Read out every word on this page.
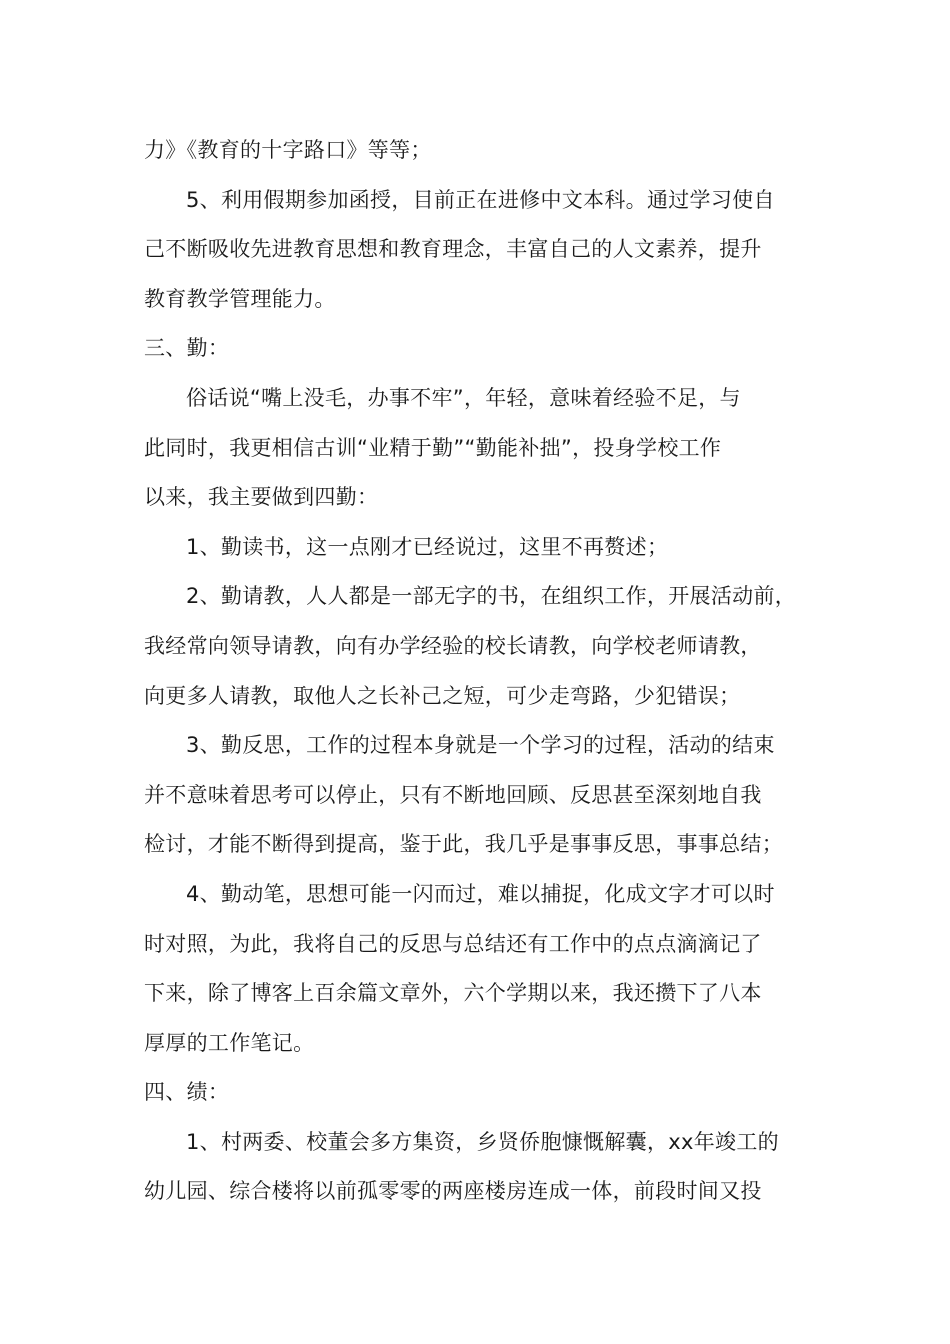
力》《教育的十字路口》等等；
5、利用假期参加函授，目前正在进修中文本科。通过学习使自
己不断吸收先进教育思想和教育理念，丰富自己的人文素养，提升
教育教学管理能力。
三、勤：
俗话说“嘴上没毛，办事不牢”，年轻，意味着经验不足，与
此同时，我更相信古训“业精于勤”“勤能补拙”，投身学校工作
以来，我主要做到四勤：
1、勤读书，这一点刚才已经说过，这里不再赘述；
2、勤请教，人人都是一部无字的书，在组织工作，开展活动前，
我经常向领导请教，向有办学经验的校长请教，向学校老师请教，
向更多人请教，取他人之长补己之短，可少走弯路，少犯错误；
3、勤反思，工作的过程本身就是一个学习的过程，活动的结束
并不意味着思考可以停止，只有不断地回顾、反思甚至深刻地自我
检讨，才能不断得到提高，鉴于此，我几乎是事事反思，事事总结；
4、勤动笔，思想可能一闪而过，难以捕捉，化成文字才可以时
时对照，为此，我将自己的反思与总结还有工作中的点点滴滴记了
下来，除了博客上百余篇文章外，六个学期以来，我还攒下了八本
厚厚的工作笔记。
四、绩：
1、村两委、校董会多方集资，乡贤侨胞慷慨解囊，xx年竣工的
幼儿园、综合楼将以前孤零零的两座楼房连成一体，前段时间又投
